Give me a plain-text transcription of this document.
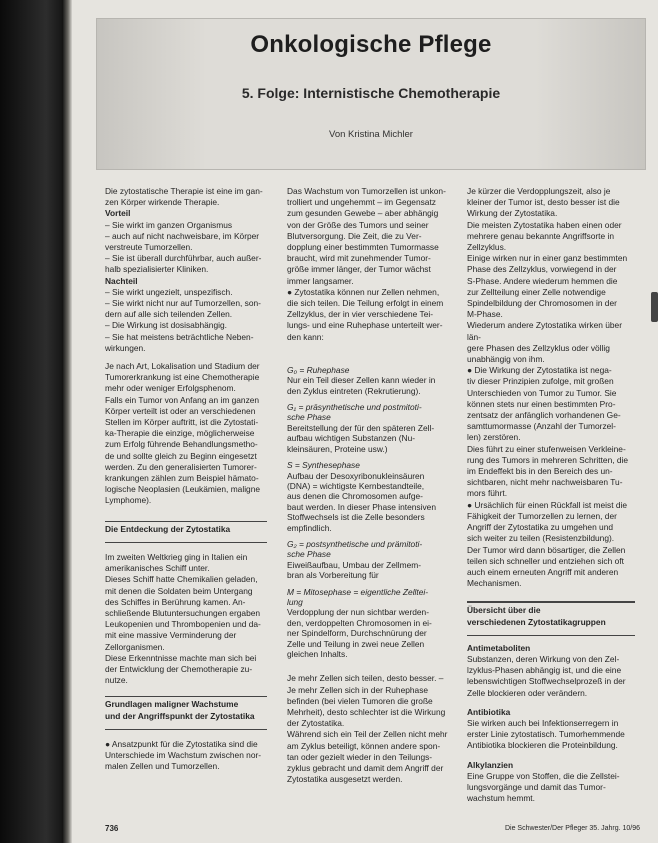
Onkologische Pflege
5. Folge: Internistische Chemotherapie
Von Kristina Michler

Die zytostatische Therapie ist eine im gan-
zen Körper wirkende Therapie.

Vorteil

– Sie wirkt im ganzen Organismus
– auch auf nicht nachweisbare, im Körper
verstreute Tumorzellen.
– Sie ist überall durchführbar, auch außer-
halb spezialisierter Kliniken.

Nachteil

– Sie wirkt ungezielt, unspezifisch.
– Sie wirkt nicht nur auf Tumorzellen, son-
dern auf alle sich teilenden Zellen.
– Die Wirkung ist dosisabhängig.
– Sie hat meistens beträchtliche Neben-
wirkungen.

Je nach Art, Lokalisation und Stadium der
Tumorerkrankung ist eine Chemotherapie
mehr oder weniger Erfolgsphenom.
Falls ein Tumor von Anfang an im ganzen
Körper verteilt ist oder an verschiedenen
Stellen im Körper auftritt, ist die Zytostati-
ka-Therapie die einzige, möglicherweise
zum Erfolg führende Behandlungsmetho-
de und sollte gleich zu Beginn eingesetzt
werden. Zu den generalisierten Tumorer-
krankungen zählen zum Beispiel hämato-
logische Neoplasien (Leukämien, maligne
Lymphome).

Die Entdeckung der Zytostatika

Im zweiten Weltkrieg ging in Italien ein
amerikanisches Schiff unter.
Dieses Schiff hatte Chemikalien geladen,
mit denen die Soldaten beim Untergang
des Schiffes in Berührung kamen. An-
schließende Blutuntersuchungen ergaben
Leukopenien und Thrombopenien und da-
mit eine massive Verminderung der
Zellorganismen.
Diese Erkenntnisse machte man sich bei
der Entwicklung der Chemotherapie zu-
nutze.

Grundlagen maligner Wachstume
und der Angriffspunkt der Zytostatika

● Ansatzpunkt für die Zytostatika sind die
Unterschiede im Wachstum zwischen nor-
malen Zellen und Tumorzellen.

Das Wachstum von Tumorzellen ist unkon-
trolliert und ungehemmt – im Gegensatz
zum gesunden Gewebe – aber abhängig
von der Größe des Tumors und seiner
Blutversorgung. Die Zeit, die zu Ver-
dopplung einer bestimmten Tumormasse
braucht, wird mit zunehmender Tumor-
größe immer länger, der Tumor wächst
immer langsamer.
● Zytostatika können nur Zellen nehmen,
die sich teilen. Die Teilung erfolgt in einem
Zellzyklus, der in vier verschiedene Tei-
lungs- und eine Ruhephase unterteilt wer-
den kann:

G₀ = Ruhephase

Nur ein Teil dieser Zellen kann wieder in
den Zyklus eintreten (Rekrutierung).

G₁ = präsynthetische und postmitoti-
sche Phase

Bereitstellung der für den späteren Zell-
aufbau wichtigen Substanzen (Nu-
kleinsäuren, Proteine usw.)

S = Synthesephase

Aufbau der Desoxyribonukleinsäuren
(DNA) = wichtigste Kernbestandteile,
aus denen die Chromosomen aufge-
baut werden. In dieser Phase intensiven
Stoffwechsels ist die Zelle besonders
empfindlich.

G₂ = postsynthetische und prämitoti-
sche Phase

Eiweißaufbau, Umbau der Zellmem-
bran als Vorbereitung für

M = Mitosephase = eigentliche Zelltei-
lung

Verdopplung der nun sichtbar werden-
den, verdoppelten Chromosomen in ei-
ner Spindelform, Durchschnürung der
Zelle und Teilung in zwei neue Zellen
gleichen Inhalts.

Je mehr Zellen sich teilen, desto besser. –
Je mehr Zellen sich in der Ruhephase
befinden (bei vielen Tumoren die große
Mehrheit), desto schlechter ist die Wirkung
der Zytostatika.
Während sich ein Teil der Zellen nicht mehr
am Zyklus beteiligt, können andere spon-
tan oder gezielt wieder in den Teilungs-
zyklus gebracht und damit dem Angriff der
Zytostatika ausgesetzt werden.

Je kürzer die Verdopplungszeit, also je
kleiner der Tumor ist, desto besser ist die
Wirkung der Zytostatika.
Die meisten Zytostatika haben einen oder
mehrere genau bekannte Angriffsorte in
Zellzyklus.
Einige wirken nur in einer ganz bestimmten
Phase des Zellzyklus, vorwiegend in der
S-Phase. Andere wiederum hemmen die
zur Zellteilung einer Zelle notwendige
Spindelbildung der Chromosomen in der
M-Phase.
Wiederum andere Zytostatika wirken über län-
gere Phasen des Zellzyklus oder völlig
unabhängig von ihm.
● Die Wirkung der Zytostatika ist nega-
tiv dieser Prinzipien zufolge, mit großen
Unterschieden von Tumor zu Tumor. Sie
können stets nur einen bestimmten Pro-
zentsatz der anfänglich vorhandenen Ge-
samttumormasse (Anzahl der Tumorzel-
len) zerstören.
Dies führt zu einer stufenweisen Verkleine-
rung des Tumors in mehreren Schritten, die
im Endeffekt bis in den Bereich des un-
sichtbaren, nicht mehr nachweisbaren Tu-
mors führt.
● Ursächlich für einen Rückfall ist meist die
Fähigkeit der Tumorzellen zu lernen, der
Angriff der Zytostatika zu umgehen und
sich weiter zu teilen (Resistenzbildung).
Der Tumor wird dann bösartiger, die Zellen
teilen sich schneller und entziehen sich oft
auch einem erneuten Angriff mit anderen
Mechanismen.

Übersicht über die
verschiedenen Zytostatikagruppen

Antimetaboliten

Substanzen, deren Wirkung von den Zel-
lzyklus-Phasen abhängig ist, und die eine
lebenswichtigen Stoffwechselprozeß in der
Zelle blockieren oder verändern.

Antibiotika

Sie wirken auch bei Infektionserregern in
erster Linie zytostatisch. Tumorhemmende
Antibiotika blockieren die Proteinbildung.

Alkylanzien

Eine Gruppe von Stoffen, die die Zellstei-
lungsvorgänge und damit das Tumor-
wachstum hemmt.

736	Die Schwester/Der Pfleger 35. Jahrg. 10/96
